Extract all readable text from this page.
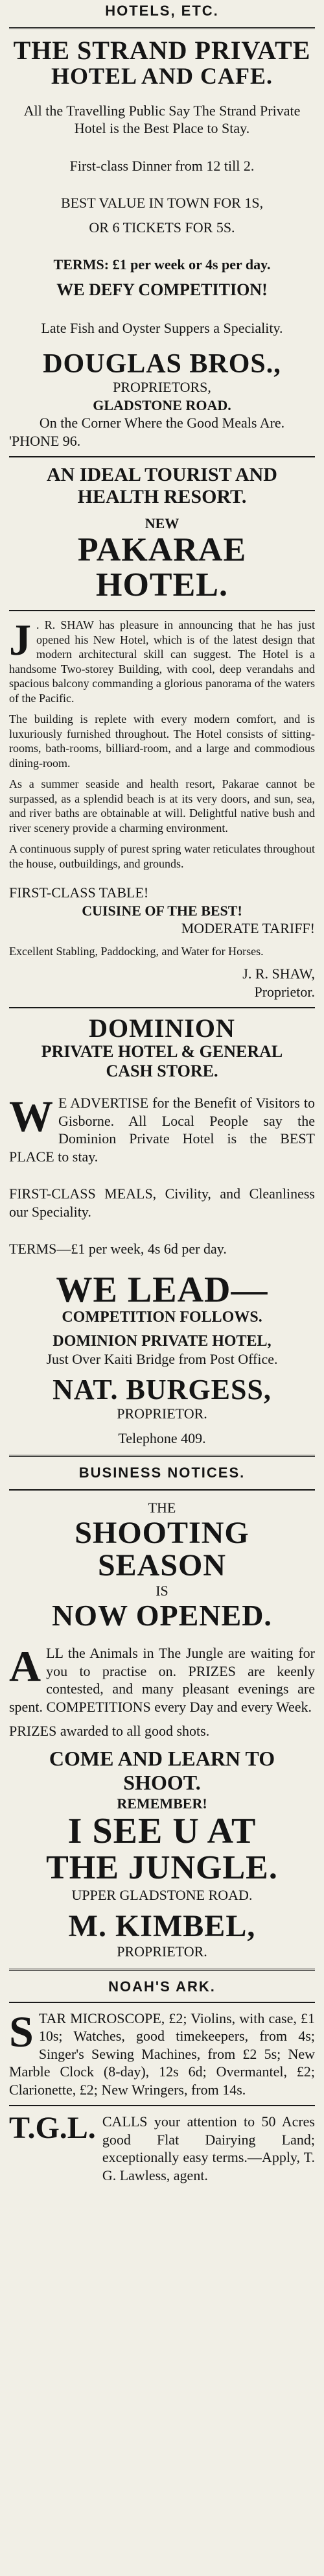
HOTELS, ETC.
THE STRAND PRIVATE
HOTEL AND CAFE.

All the Travelling Public Say The Strand Private Hotel is the Best Place to Stay.

First-class Dinner from 12 till 2.

BEST VALUE IN TOWN FOR 1S,

OR 6 TICKETS FOR 5S.

TERMS: £1 per week or 4s per day.

WE DEFY COMPETITION!

Late Fish and Oyster Suppers a Speciality.

DOUGLAS BROS.,
PROPRIETORS,
GLADSTONE ROAD.
On the Corner Where the Good Meals Are.
'PHONE 96.
AN IDEAL TOURIST AND
HEALTH RESORT.
NEW
PAKARAE HOTEL.

J . R. SHAW has pleasure in announcing that he has just opened his New Hotel, which is of the latest design that modern architectural skill can suggest. The Hotel is a handsome Two-storey Building, with cool, deep verandahs and spacious balcony commanding a glorious panorama of the waters of the Pacific.

The building is replete with every modern comfort, and is luxuriously furnished throughout. The Hotel consists of sitting-rooms, bath-rooms, billiard-room, and a large and commodious dining-room.

As a summer seaside and health resort, Pakarae cannot be surpassed, as a splendid beach is at its very doors, and sun, sea, and river baths are obtainable at will. Delightful native bush and river scenery provide a charming environment.

A continuous supply of purest spring water reticulates throughout the house, outbuildings, and grounds.

FIRST-CLASS TABLE!
CUISINE OF THE BEST!
MODERATE TARIFF!

Excellent Stabling, Paddocking, and Water for Horses.

J. R. SHAW,
Proprietor.
DOMINION
PRIVATE HOTEL & GENERAL
CASH STORE.

W E ADVERTISE for the Benefit of Visitors to Gisborne. All Local People say the Dominion Private Hotel is the BEST PLACE to stay.

FIRST-CLASS MEALS, Civility, and Cleanliness our Speciality.

TERMS—£1 per week, 4s 6d per day.

WE LEAD—
COMPETITION FOLLOWS.
DOMINION PRIVATE HOTEL,
Just Over Kaiti Bridge from Post Office.
NAT. BURGESS,
PROPRIETOR.
Telephone 409.
BUSINESS NOTICES.
THE
SHOOTING SEASON
IS
NOW OPENED.

A LL the Animals in The Jungle are waiting for you to practise on. PRIZES are keenly contested, and many pleasant evenings are spent. COMPETITIONS every Day and every Week.

PRIZES awarded to all good shots.

COME AND LEARN TO SHOOT.
REMEMBER!
I SEE U AT
THE JUNGLE.
UPPER GLADSTONE ROAD.
M. KIMBEL,
PROPRIETOR.
NOAH'S ARK.

S TAR MICROSCOPE, £2; Violins, with case, £1 10s; Watches, good timekeepers, from 4s; Singer's Sewing Machines, from £2 5s; New Marble Clock (8-day), 12s 6d; Overmantel, £2; Clarionette, £2; New Wringers, from 14s.

T.G.L. CALLS your attention to 50 Acres good Flat Dairying Land; exceptionally easy terms.—Apply, T. G. Lawless, agent.
